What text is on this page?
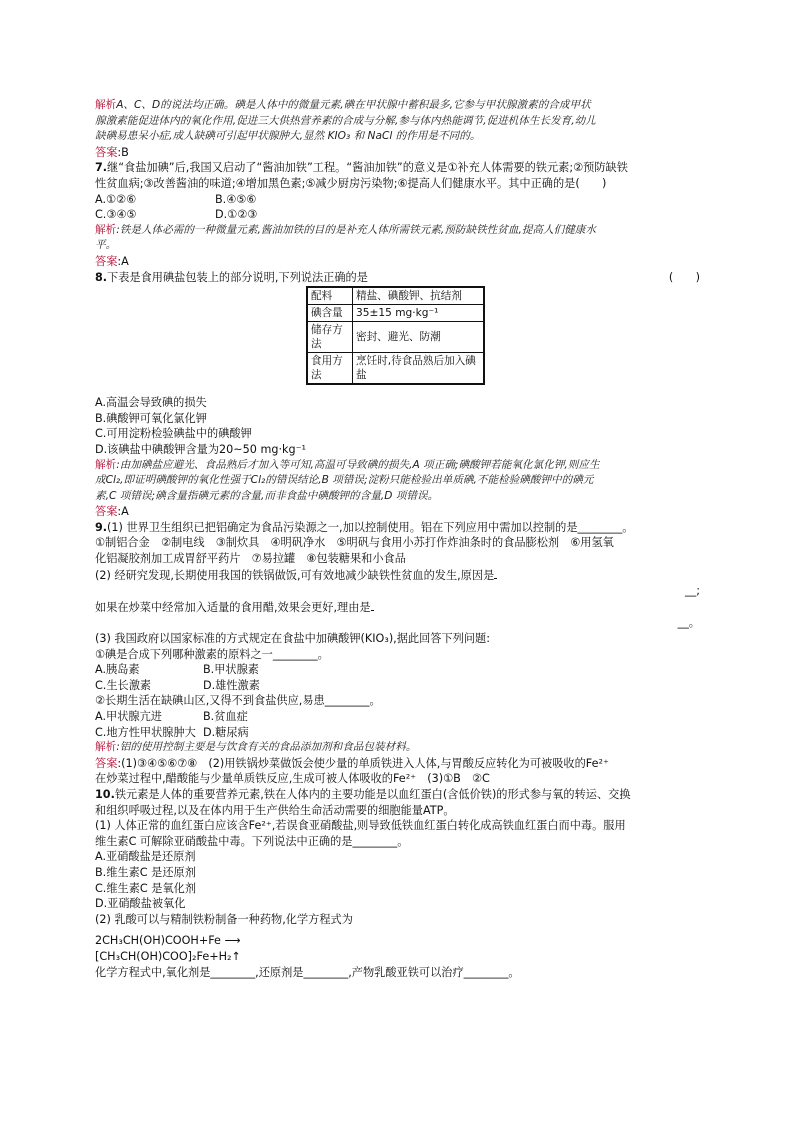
解析A、C、D的说法均正确。碘是人体中的微量元素,碘在甲状腺中蓄积最多,它参与甲状腺激素的合成甲状
腺激素能促进体内的氧化作用,促进三大供热营养素的合成与分解,参与体内热能调节,促进机体生长发育,幼儿
缺碘易患呆小症,成人缺碘可引起甲状腺肿大,显然 KIO₃ 和 NaCl 的作用是不同的。
答案:B
7.继“食盐加碘”后,我国又启动了“酱油加铁”工程。“酱油加铁”的意义是①补充人体需要的铁元素;②预防缺铁
性贫血病;③改善酱油的味道;④增加黑色素;⑤减少厨房污染物;⑥提高人们健康水平。其中正确的是(　　)
A.①②⑥	B.④⑤⑥
C.③④⑤	D.①②③
解析:铁是人体必需的一种微量元素,酱油加铁的目的是补充人体所需铁元素,预防缺铁性贫血,提高人们健康水
平。
答案:A
8.下表是食用碘盐包装上的部分说明,下列说法正确的是	(　　)
配料	精盐、碘酸钾、抗结剂
碘含量	35±15 mg·kg⁻¹
储存方法	密封、避光、防潮
食用方法	烹饪时,待食品熟后加入碘盐
A.高温会导致碘的损失
B.碘酸钾可氧化氯化钾
C.可用淀粉检验碘盐中的碘酸钾
D.该碘盐中碘酸钾含量为20~50 mg·kg⁻¹
解析:由加碘盐应避光、食品熟后才加入等可知,高温可导致碘的损失,A 项正确;碘酸钾若能氧化氯化钾,则应生
成Cl₂,即证明碘酸钾的氧化性强于Cl₂的错误结论,B 项错误;淀粉只能检验出单质碘,不能检验碘酸钾中的碘元
素,C 项错误;碘含量指碘元素的含量,而非食盐中碘酸钾的含量,D 项错误。
答案:A
9.(1) 世界卫生组织已把铝确定为食品污染源之一,加以控制使用。铝在下列应用中需加以控制的是________。
①制铝合金　②制电线　③制炊具　④明矾净水　⑤明矾与食用小苏打作炸油条时的食品膨松剂　⑥用氢氧
化铝凝胶剂加工成胃舒平药片　⑦易拉罐　⑧包装糖果和小食品
(2) 经研究发现,长期使用我国的铁锅做饭,可有效地减少缺铁性贫血的发生,原因是
__;
如果在炒菜中经常加入适量的食用醋,效果会更好,理由是
__。
(3) 我国政府以国家标准的方式规定在食盐中加碘酸钾(KIO₃),据此回答下列问题:
①碘是合成下列哪种激素的原料之一________。
A.胰岛素	B.甲状腺素
C.生长激素	D.雄性激素
②长期生活在缺碘山区,又得不到食盐供应,易患________。
A.甲状腺亢进	B.贫血症
C.地方性甲状腺肿大 D.糖尿病
解析:铝的使用控制主要是与饮食有关的食品添加剂和食品包装材料。
答案:(1)③④⑤⑥⑦⑧　(2)用铁锅炒菜做饭会使少量的单质铁进入人体,与胃酸反应转化为可被吸收的Fe²⁺
在炒菜过程中,醋酸能与少量单质铁反应,生成可被人体吸收的Fe²⁺　(3)①B　②C
10.铁元素是人体的重要营养元素,铁在人体内的主要功能是以血红蛋白(含低价铁)的形式参与氧的转运、交换
和组织呼吸过程,以及在体内用于生产供给生命活动需要的细胞能量ATP。
(1) 人体正常的血红蛋白应该含Fe²⁺,若误食亚硝酸盐,则导致低铁血红蛋白转化成高铁血红蛋白而中毒。服用
维生素C 可解除亚硝酸盐中毒。下列说法中正确的是________。
A.亚硝酸盐是还原剂
B.维生素C 是还原剂
C.维生素C 是氧化剂
D.亚硝酸盐被氧化
(2) 乳酸可以与精制铁粉制备一种药物,化学方程式为
2CH₃CH(OH)COOH+Fe ⟶
[CH₃CH(OH)COO]₂Fe+H₂↑
化学方程式中,氧化剂是________,还原剂是________,产物乳酸亚铁可以治疗________。
